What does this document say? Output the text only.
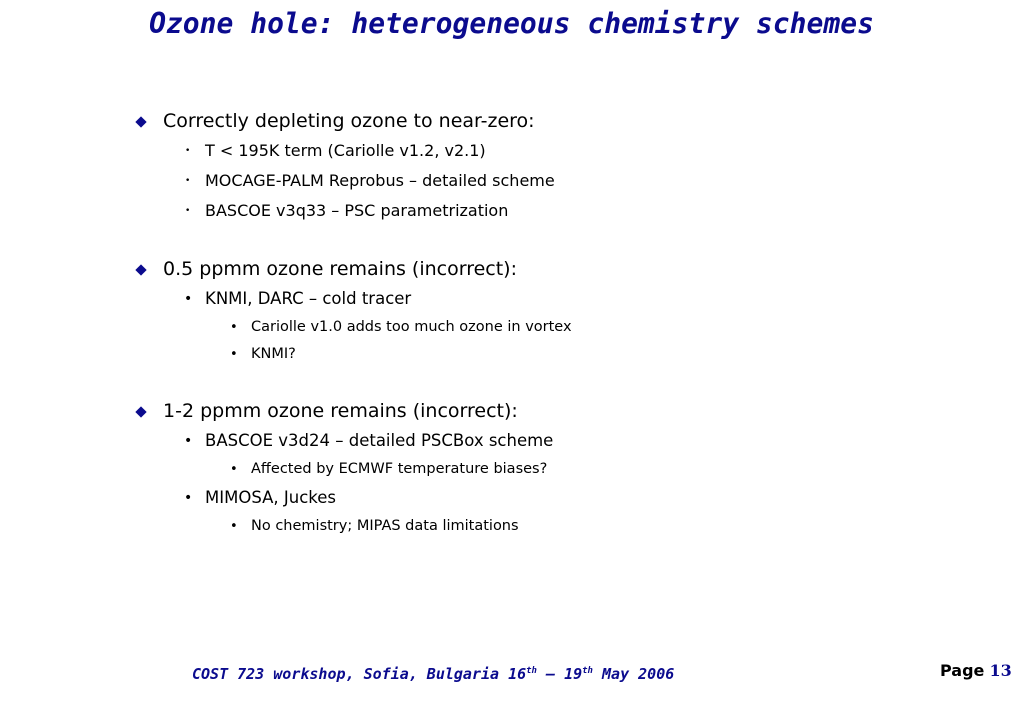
Ozone hole: heterogeneous chemistry schemes
Correctly depleting ozone to near-zero:
• T < 195K term (Cariolle v1.2, v2.1)
• MOCAGE-PALM Reprobus – detailed scheme
• BASCOE v3q33 – PSC parametrization
0.5 ppmm ozone remains (incorrect):
• KNMI, DARC – cold tracer
• Cariolle v1.0 adds too much ozone in vortex
• KNMI?
1-2 ppmm ozone remains (incorrect):
• BASCOE v3d24 – detailed PSCBox scheme
• Affected by ECMWF temperature biases?
• MIMOSA, Juckes
• No chemistry; MIPAS data limitations
COST 723 workshop, Sofia, Bulgaria 16th – 19th May 2006	Page 13
